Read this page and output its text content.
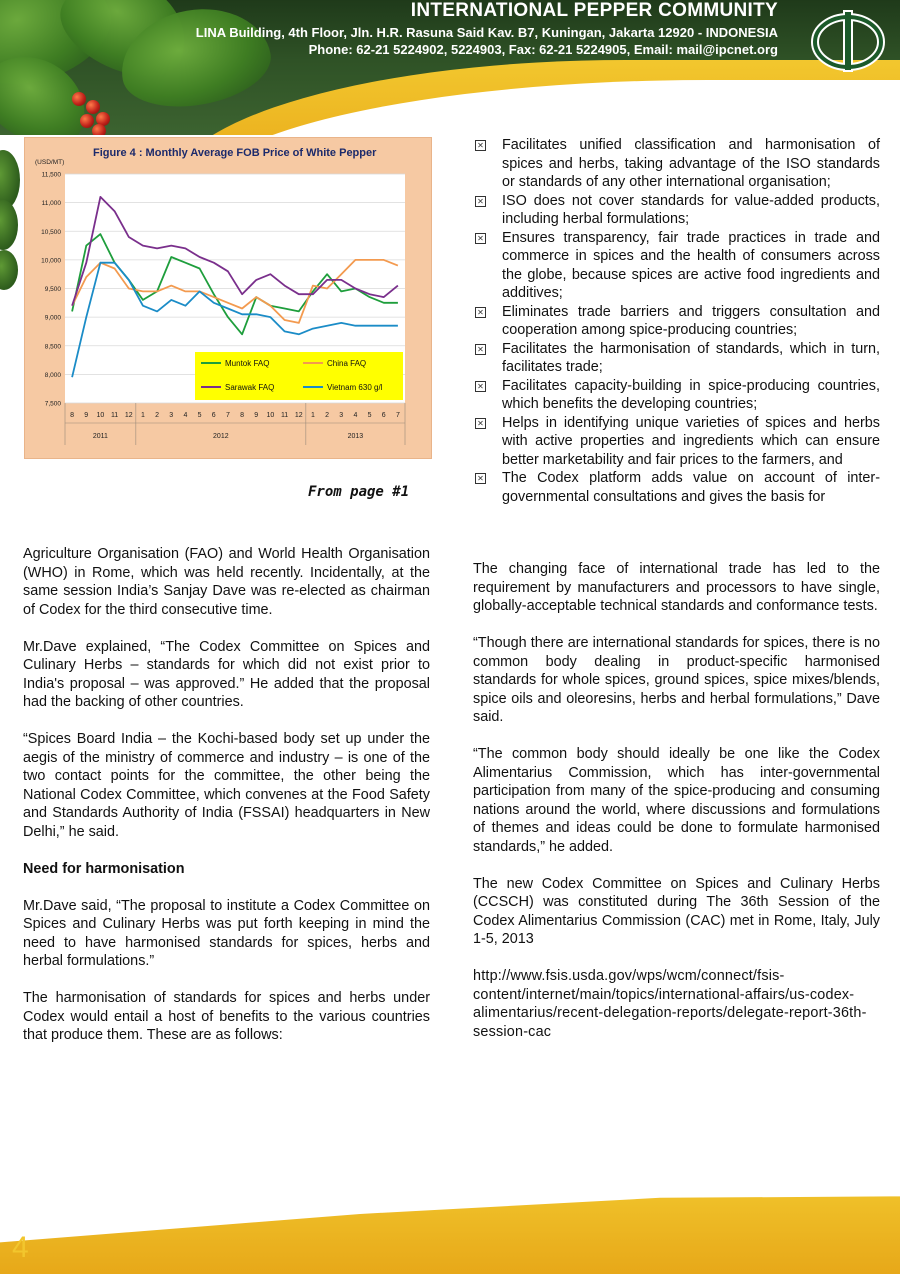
INTERNATIONAL PEPPER COMMUNITY

LINA Building, 4th Floor, Jln. H.R. Rasuna Said Kav. B7, Kuningan, Jakarta 12920 - INDONESIA

Phone: 62-21 5224902, 5224903, Fax: 62-21 5224905, Email: mail@ipcnet.org

Figure 4 : Monthly Average FOB Price of White Pepper

(USD/MT)

7,500
8,000
8,500
9,000
9,500
10,000
10,500
11,000
11,500
8 9 10 11 12 1 2 3 4 5 6 7 8 9 10 11 12 1 2 3 4 5 6 7
2011	2012	2013
Muntok FAQ	China FAQ
Sarawak FAQ	Vietnam 630 g/l

From page #1

Agriculture Organisation (FAO) and World Health Organisation (WHO) in Rome, which was held recently. Incidentally, at the same session India’s Sanjay Dave was re-elected as chairman of Codex for the third consecutive time.

Mr.Dave explained, “The Codex Committee on Spices and Culinary Herbs – standards for which did not exist prior to India's proposal – was approved.” He added that the proposal had the backing of other countries.

“Spices Board India – the Kochi-based body set up under the aegis of the ministry of commerce and industry – is one of the two contact points for the committee, the other being the National Codex Committee, which convenes at the Food Safety and Standards Authority of India (FSSAI) headquarters in New Delhi,” he said.

Need for harmonisation

Mr.Dave said, “The proposal to institute a Codex Committee on Spices and Culinary Herbs was put forth keeping in mind the need to have harmonised standards for spices, herbs and herbal formulations.”

The harmonisation of standards for spices and herbs under Codex would entail a host of benefits to the various countries that produce them. These are as follows:

✕ Facilitates unified classification and harmonisation of spices and herbs, taking advantage of the ISO standards or standards of any other international organisation;
✕ ISO does not cover standards for value-added products, including herbal formulations;
✕ Ensures transparency, fair trade practices in trade and commerce in spices and the health of consumers across the globe, because spices are active food ingredients and additives;
✕ Eliminates trade barriers and triggers consultation and cooperation among spice-producing countries;
✕ Facilitates the harmonisation of standards, which in turn, facilitates trade;
✕ Facilitates capacity-building in spice-producing countries, which benefits the developing countries;
✕ Helps in identifying unique varieties of spices and herbs with active properties and ingredients which can ensure better marketability and fair prices to the farmers, and
✕ The Codex platform adds value on account of inter-governmental consultations and gives the basis for

The changing face of international trade has led to the requirement by manufacturers and processors to have single, globally-acceptable technical standards and conformance tests.

“Though there are international standards for spices, there is no common body dealing in product-specific harmonised standards for whole spices, ground spices, spice mixes/blends, spice oils and oleoresins, herbs and herbal formulations,” Dave said.

“The common body should ideally be one like the Codex Alimentarius Commission, which has inter-governmental participation from many of the spice-producing and consuming nations around the world, where discussions and formulations of themes and ideas could be done to formulate harmonised standards,” he added.

The new Codex Committee on Spices and Culinary Herbs (CCSCH) was constituted during The 36th Session of the Codex Alimentarius Commission (CAC) met in Rome, Italy, July 1-5, 2013

http://www.fsis.usda.gov/wps/wcm/connect/fsis-content/internet/main/topics/international-affairs/us-codex-alimentarius/recent-delegation-reports/delegate-report-36th-session-cac

4
